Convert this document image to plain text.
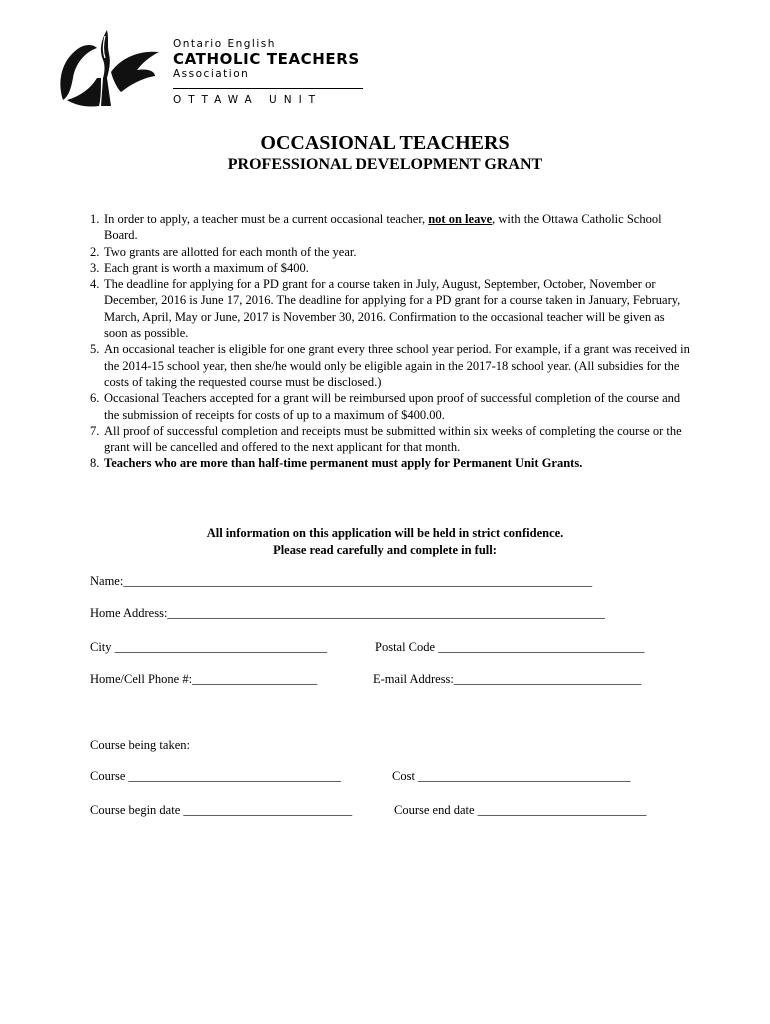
Ontario English
CATHOLIC TEACHERS
Association
OTTAWA UNIT
OCCASIONAL TEACHERS
PROFESSIONAL DEVELOPMENT GRANT
1. In order to apply, a teacher must be a current occasional teacher, not on leave, with the Ottawa Catholic School Board.
2. Two grants are allotted for each month of the year.
3. Each grant is worth a maximum of $400.
4. The deadline for applying for a PD grant for a course taken in July, August, September, October, November or December, 2016 is June 17, 2016. The deadline for applying for a PD grant for a course taken in January, February, March, April, May or June, 2017 is November 30, 2016. Confirmation to the occasional teacher will be given as soon as possible.
5. An occasional teacher is eligible for one grant every three school year period. For example, if a grant was received in the 2014-15 school year, then she/he would only be eligible again in the 2017-18 school year. (All subsidies for the costs of taking the requested course must be disclosed.)
6. Occasional Teachers accepted for a grant will be reimbursed upon proof of successful completion of the course and the submission of receipts for costs of up to a maximum of $400.00.
7. All proof of successful completion and receipts must be submitted within six weeks of completing the course or the grant will be cancelled and offered to the next applicant for that month.
8. Teachers who are more than half-time permanent must apply for Permanent Unit Grants.
All information on this application will be held in strict confidence.
Please read carefully and complete in full:
Name:___________________________________________________________________________
Home Address:______________________________________________________________________
City __________________________________	Postal Code _________________________________
Home/Cell Phone #:____________________	E-mail Address:______________________________
Course being taken:
Course __________________________________	Cost __________________________________
Course begin date ___________________________	Course end date ___________________________
